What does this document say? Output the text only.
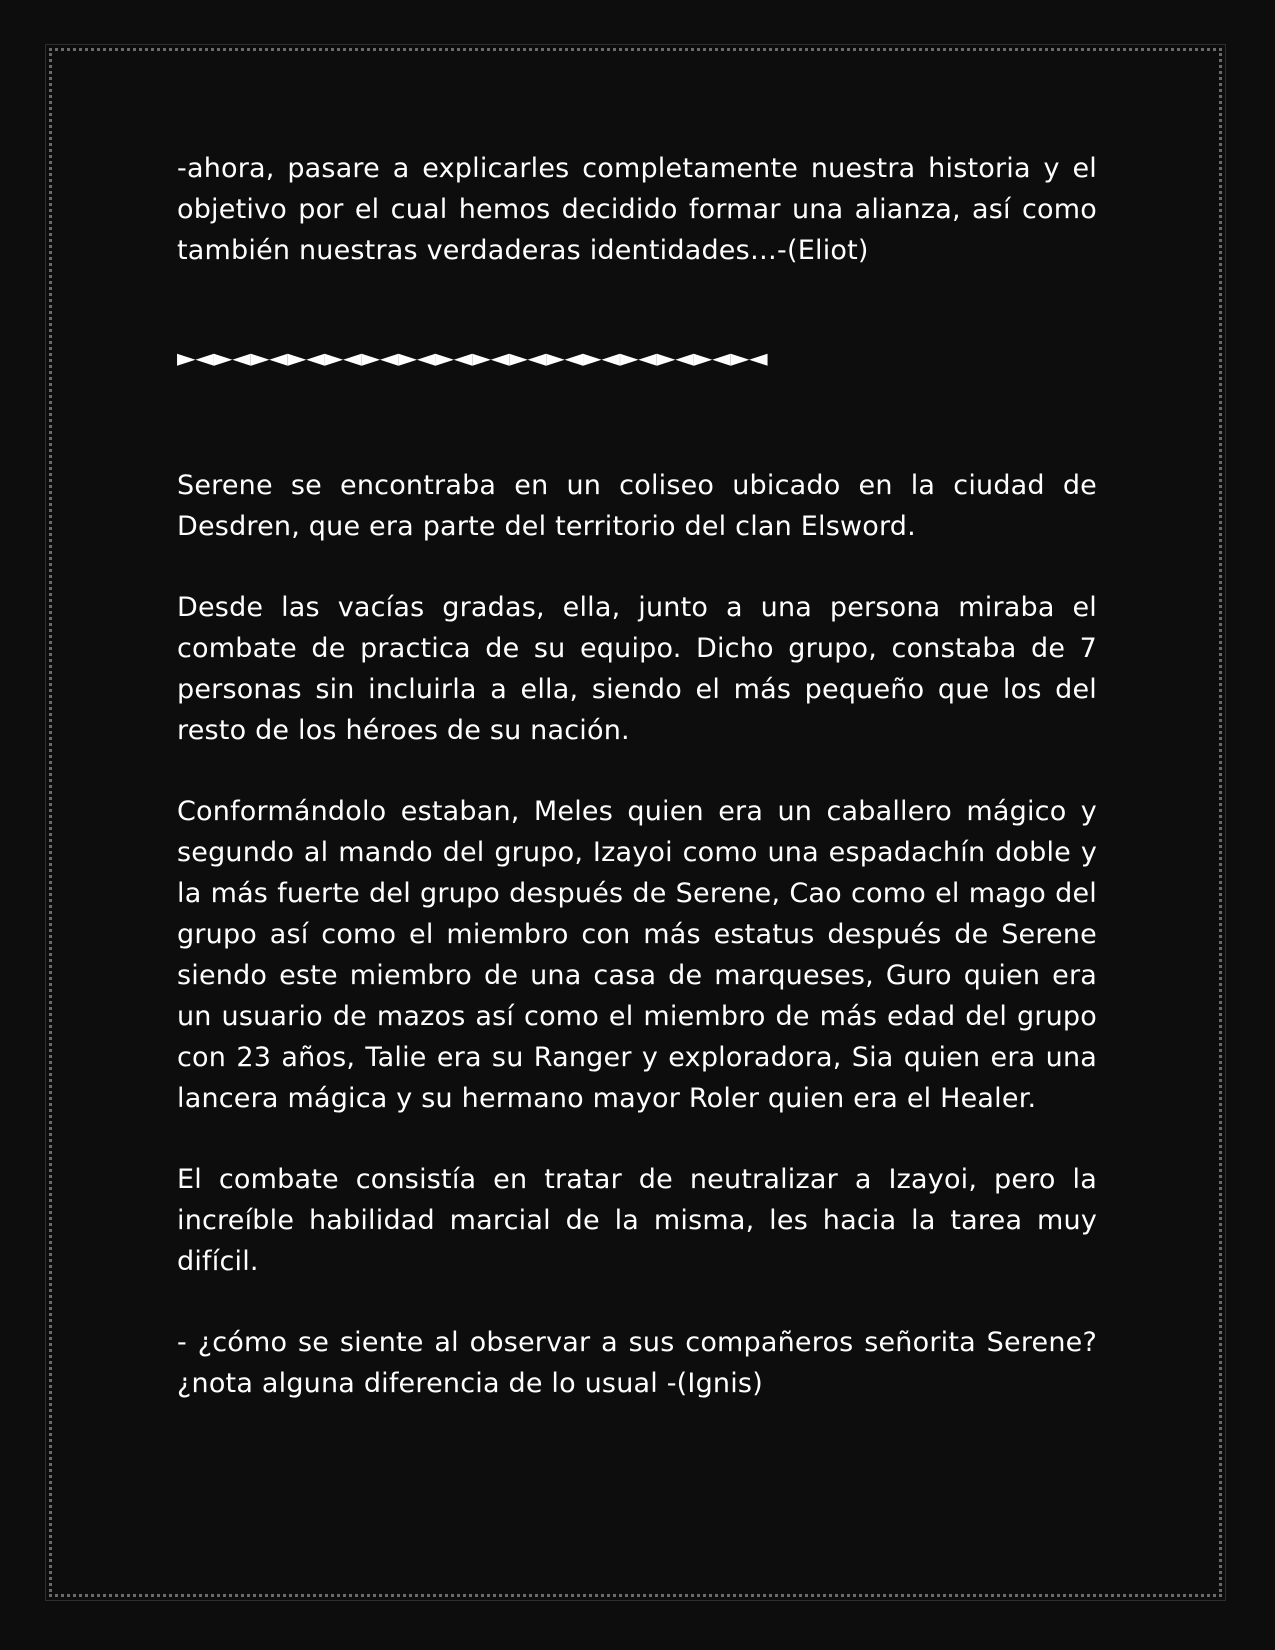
-ahora, pasare a explicarles completamente nuestra historia y el objetivo por el cual hemos decidido formar una alianza, así como también nuestras verdaderas identidades…-(Eliot)

►◄►◄►◄►◄►◄►◄►◄►◄►◄►◄►◄►◄►◄►◄►◄►◄

Serene se encontraba en un coliseo ubicado en la ciudad de Desdren, que era parte del territorio del clan Elsword.

Desde las vacías gradas, ella, junto a una persona miraba el combate de practica de su equipo. Dicho grupo, constaba de 7 personas sin incluirla a ella, siendo el más pequeño que los del resto de los héroes de su nación.

Conformándolo estaban, Meles quien era un caballero mágico y segundo al mando del grupo, Izayoi como una espadachín doble y la más fuerte del grupo después de Serene, Cao como el mago del grupo así como el miembro con más estatus después de Serene siendo este miembro de una casa de marqueses, Guro quien era un usuario de mazos así como el miembro de más edad del grupo con 23 años, Talie era su Ranger y exploradora, Sia quien era una lancera mágica y su hermano mayor Roler quien era el Healer.

El combate consistía en tratar de neutralizar a Izayoi, pero la increíble habilidad marcial de la misma, les hacia la tarea muy difícil.

- ¿cómo se siente al observar a sus compañeros señorita Serene? ¿nota alguna diferencia de lo usual -(Ignis)
